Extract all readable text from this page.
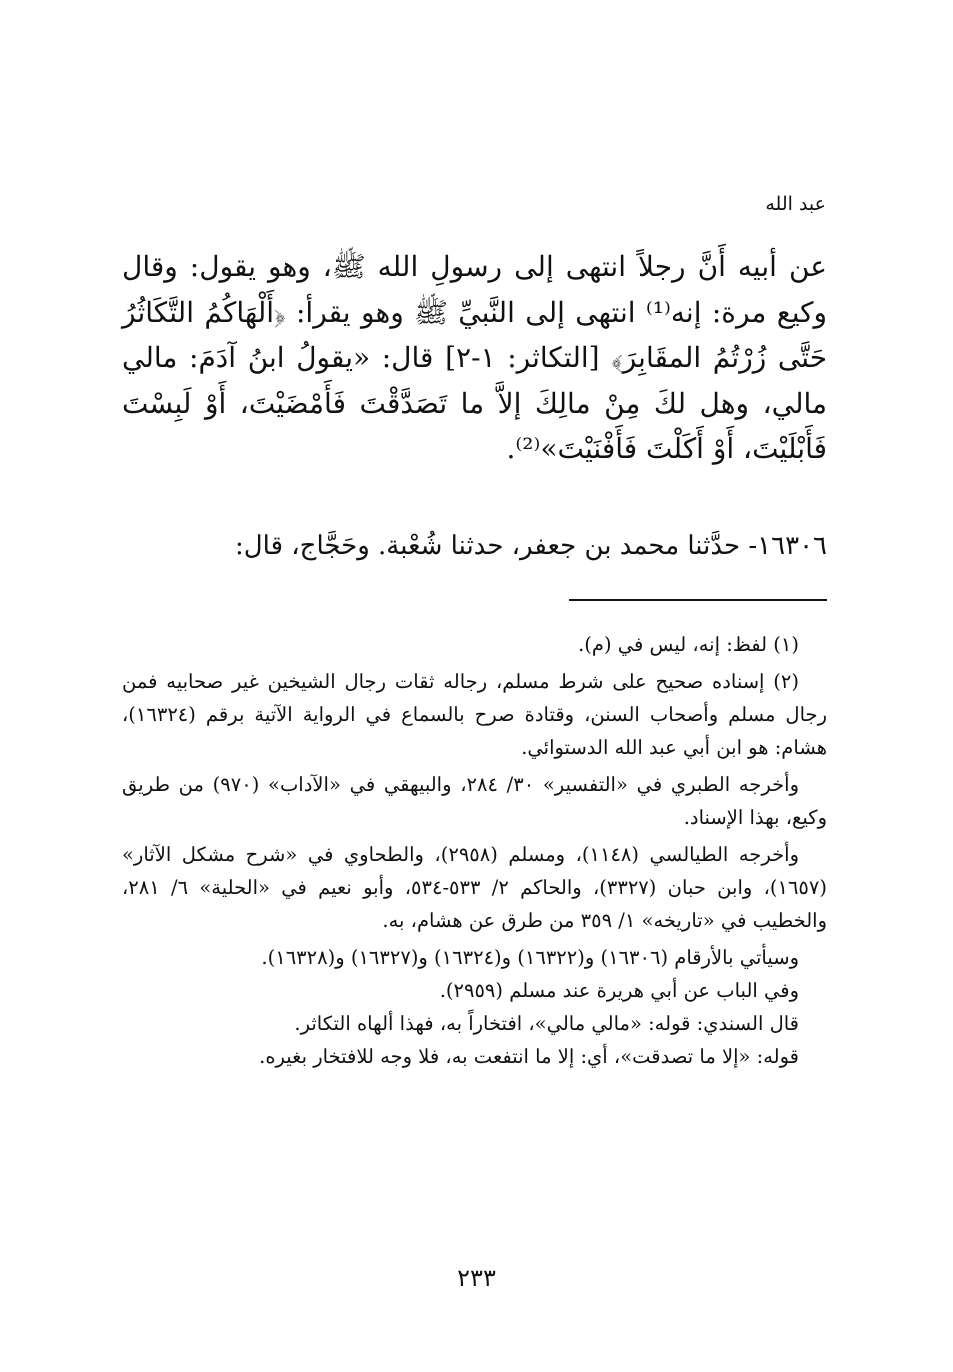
عبد الله

عن أبيه أَنَّ رجلاً انتهى إلى رسولِ الله ﷺ، وهو يقول: وقال وكيع مرة: إنه⁽¹⁾ انتهى إلى النَّبيِّ ﷺ وهو يقرأ: ﴿أَلْهَاكُمُ التَّكَاثُرُ حَتَّى زُرْتُمُ المقَابِرَ﴾ [التكاثر: ١-٢] قال: «يقولُ ابنُ آدَمَ: مالي مالي، وهل لكَ مِنْ مالِكَ إلاَّ ما تَصَدَّقْتَ فَأَمْضَيْتَ، أَوْ لَبِسْتَ فَأَبْلَيْتَ، أَوْ أَكَلْتَ فَأَفْنَيْتَ»⁽²⁾.

١٦٣٠٦- حدَّثنا محمد بن جعفر، حدثنا شُعْبة. وحَجَّاج، قال:

(١) لفظ: إنه، ليس في (م).

(٢) إسناده صحيح على شرط مسلم، رجاله ثقات رجال الشيخين غير صحابيه فمن رجال مسلم وأصحاب السنن، وقتادة صرح بالسماع في الرواية الآتية برقم (١٦٣٢٤)، هشام: هو ابن أبي عبد الله الدستوائي.

وأخرجه الطبري في «التفسير» ٣٠/ ٢٨٤، والبيهقي في «الآداب» (٩٧٠) من طريق وكيع، بهذا الإسناد.

وأخرجه الطيالسي (١١٤٨)، ومسلم (٢٩٥٨)، والطحاوي في «شرح مشكل الآثار» (١٦٥٧)، وابن حبان (٣٣٢٧)، والحاكم ٢/ ٥٣٣-٥٣٤، وأبو نعيم في «الحلية» ٦/ ٢٨١، والخطيب في «تاريخه» ١/ ٣٥٩ من طرق عن هشام، به.

وسيأتي بالأرقام (١٦٣٠٦) و(١٦٣٢٢) و(١٦٣٢٤) و(١٦٣٢٧) و(١٦٣٢٨).

وفي الباب عن أبي هريرة عند مسلم (٢٩٥٩).

قال السندي: قوله: «مالي مالي»، افتخاراً به، فهذا ألهاه التكاثر.

قوله: «إلا ما تصدقت»، أي: إلا ما انتفعت به، فلا وجه للافتخار بغيره.

٢٣٣
